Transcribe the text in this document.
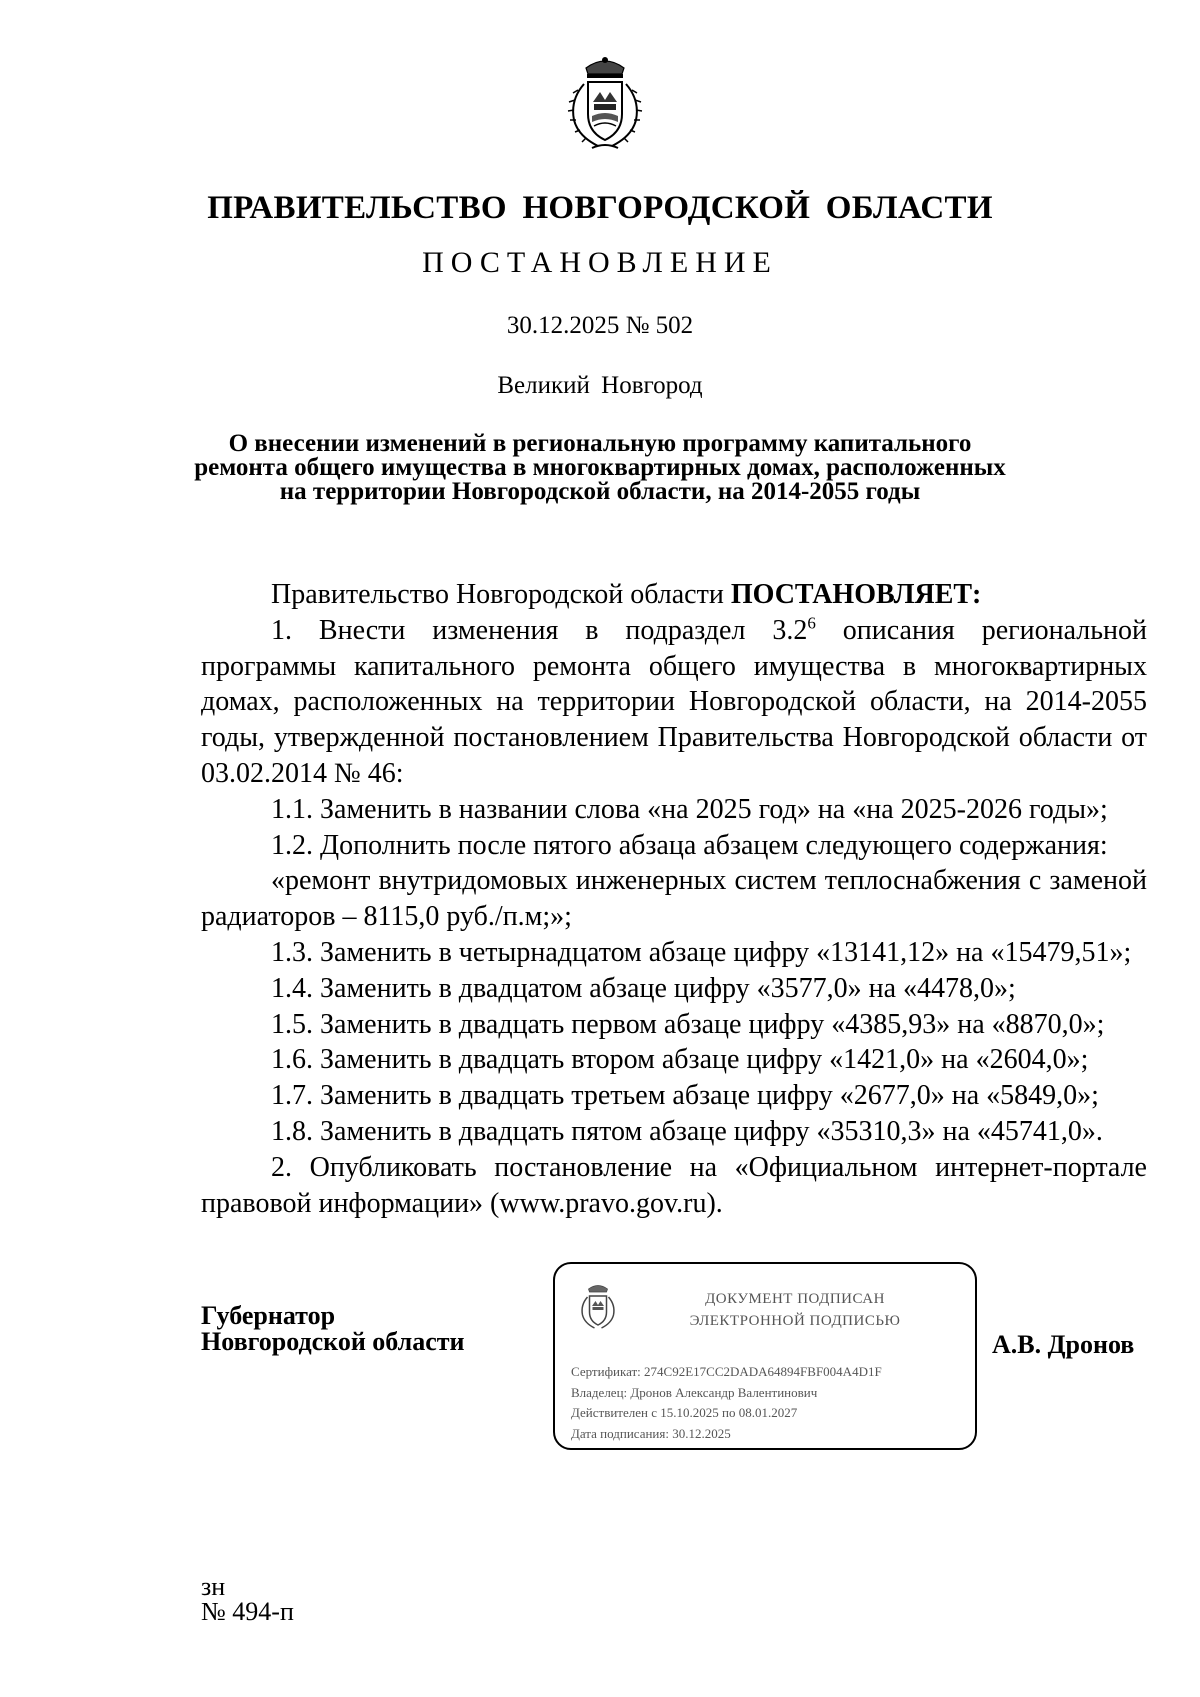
ПРАВИТЕЛЬСТВО НОВГОРОДСКОЙ ОБЛАСТИ
ПОСТАНОВЛЕНИЕ
30.12.2025 № 502
Великий Новгород
О внесении изменений в региональную программу капитального
ремонта общего имущества в многоквартирных домах, расположенных
на территории Новгородской области, на 2014-2055 годы

Правительство Новгородской области ПОСТАНОВЛЯЕТ:

1. Внести изменения в подраздел $3.2^6$ описания региональной программы капитального ремонта общего имущества в многоквартирных домах, расположенных на территории Новгородской области, на 2014-2055 годы, утвержденной постановлением Правительства Новгородской области от 03.02.2014 № 46:

1.1. Заменить в названии слова «на 2025 год» на «на 2025-2026 годы»;

1.2. Дополнить после пятого абзаца абзацем следующего содержания:

«ремонт внутридомовых инженерных систем теплоснабжения с заменой радиаторов – 8115,0 руб./п.м;»;

1.3. Заменить в четырнадцатом абзаце цифру «13141,12» на «15479,51»;

1.4. Заменить в двадцатом абзаце цифру «3577,0» на «4478,0»;

1.5. Заменить в двадцать первом абзаце цифру «4385,93» на «8870,0»;

1.6. Заменить в двадцать втором абзаце цифру «1421,0» на «2604,0»;

1.7. Заменить в двадцать третьем абзаце цифру «2677,0» на «5849,0»;

1.8. Заменить в двадцать пятом абзаце цифру «35310,3» на «45741,0».

2. Опубликовать постановление на «Официальном интернет-портале правовой информации» (www.pravo.gov.ru).

Губернатор
Новгородской области
ДОКУМЕНТ ПОДПИСАН
ЭЛЕКТРОННОЙ ПОДПИСЬЮ
Сертификат: 274C92E17CC2DADA64894FBF004A4D1F
Владелец: Дронов Александр Валентинович
Действителен с 15.10.2025 по 08.01.2027
Дата подписания: 30.12.2025
А.В. Дронов
зн
№ 494-п
